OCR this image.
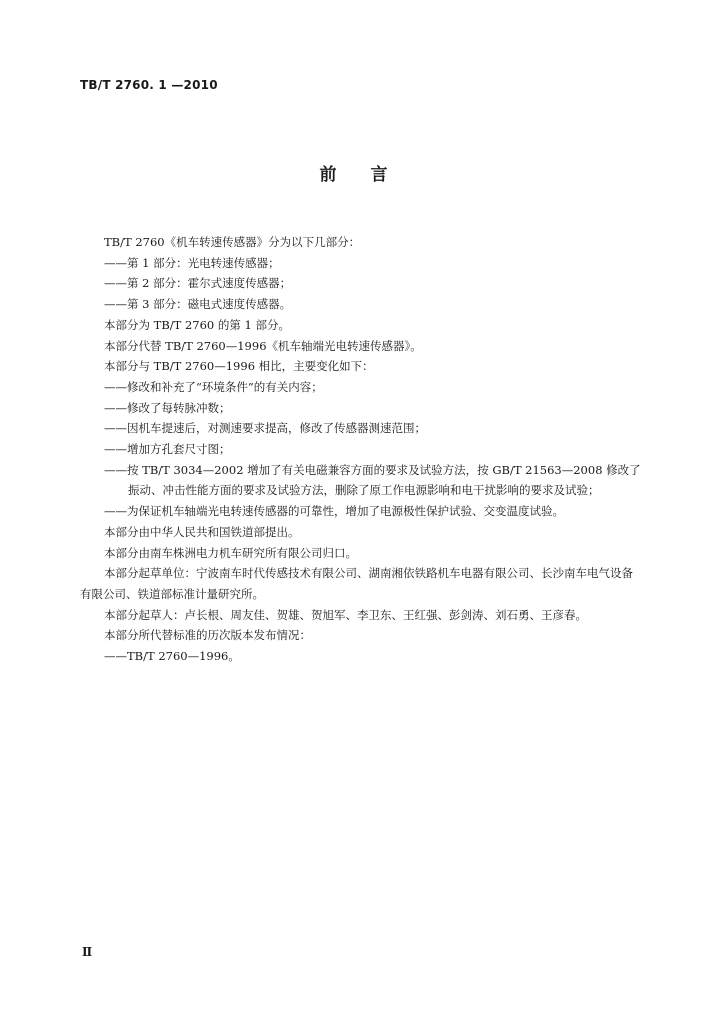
TB/T 2760. 1 —2010
前言

TB/T 2760《机车转速传感器》分为以下几部分：

——第 1 部分：光电转速传感器；

——第 2 部分：霍尔式速度传感器；

——第 3 部分：磁电式速度传感器。

本部分为 TB/T 2760 的第 1 部分。

本部分代替 TB/T 2760—1996《机车轴端光电转速传感器》。

本部分与 TB/T 2760—1996 相比，主要变化如下：

——修改和补充了“环境条件”的有关内容；

——修改了每转脉冲数；

——因机车提速后，对测速要求提高，修改了传感器测速范围；

——增加方孔套尺寸图；

——按 TB/T 3034—2002 增加了有关电磁兼容方面的要求及试验方法，按 GB/T 21563—2008 修改了振动、冲击性能方面的要求及试验方法，删除了原工作电源影响和电干扰影响的要求及试验；

——为保证机车轴端光电转速传感器的可靠性，增加了电源极性保护试验、交变温度试验。

本部分由中华人民共和国铁道部提出。

本部分由南车株洲电力机车研究所有限公司归口。

本部分起草单位：宁波南车时代传感技术有限公司、湖南湘依铁路机车电器有限公司、长沙南车电气设备有限公司、铁道部标准计量研究所。

本部分起草人：卢长根、周友佳、贺雄、贺旭军、李卫东、王红强、彭剑涛、刘石勇、王彦春。

本部分所代替标准的历次版本发布情况：

——TB/T 2760—1996。

Ⅱ
